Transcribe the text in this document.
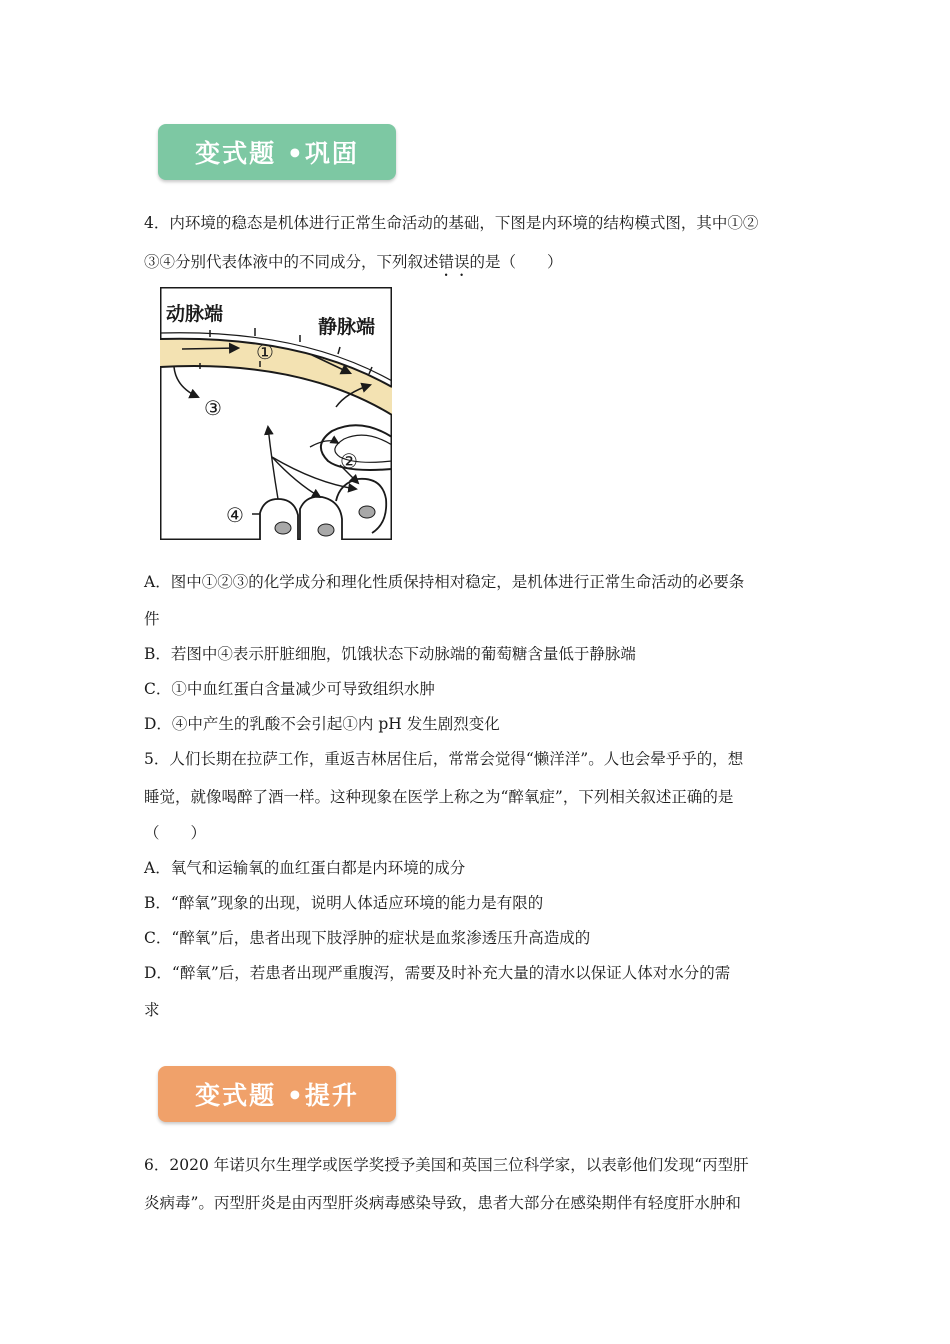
变式题 •巩固
4．内环境的稳态是机体进行正常生命活动的基础，下图是内环境的结构模式图，其中①②
③④分别代表体液中的不同成分，下列叙述错误的是（　　）
动脉端
静脉端
①
②
③
④
A．图中①②③的化学成分和理化性质保持相对稳定，是机体进行正常生命活动的必要条
件
B．若图中④表示肝脏细胞，饥饿状态下动脉端的葡萄糖含量低于静脉端
C．①中血红蛋白含量减少可导致组织水肿
D．④中产生的乳酸不会引起①内 pH 发生剧烈变化
5．人们长期在拉萨工作，重返吉林居住后，常常会觉得“懒洋洋”。人也会晕乎乎的，想
睡觉，就像喝醉了酒一样。这种现象在医学上称之为“醉氧症”，下列相关叙述正确的是
（　　）
A．氧气和运输氧的血红蛋白都是内环境的成分
B．“醉氧”现象的出现，说明人体适应环境的能力是有限的
C．“醉氧”后，患者出现下肢浮肿的症状是血浆渗透压升高造成的
D．“醉氧”后，若患者出现严重腹泻，需要及时补充大量的清水以保证人体对水分的需
求
变式题 •提升
6．2020 年诺贝尔生理学或医学奖授予美国和英国三位科学家，以表彰他们发现“丙型肝
炎病毒”。丙型肝炎是由丙型肝炎病毒感染导致，患者大部分在感染期伴有轻度肝水肿和
